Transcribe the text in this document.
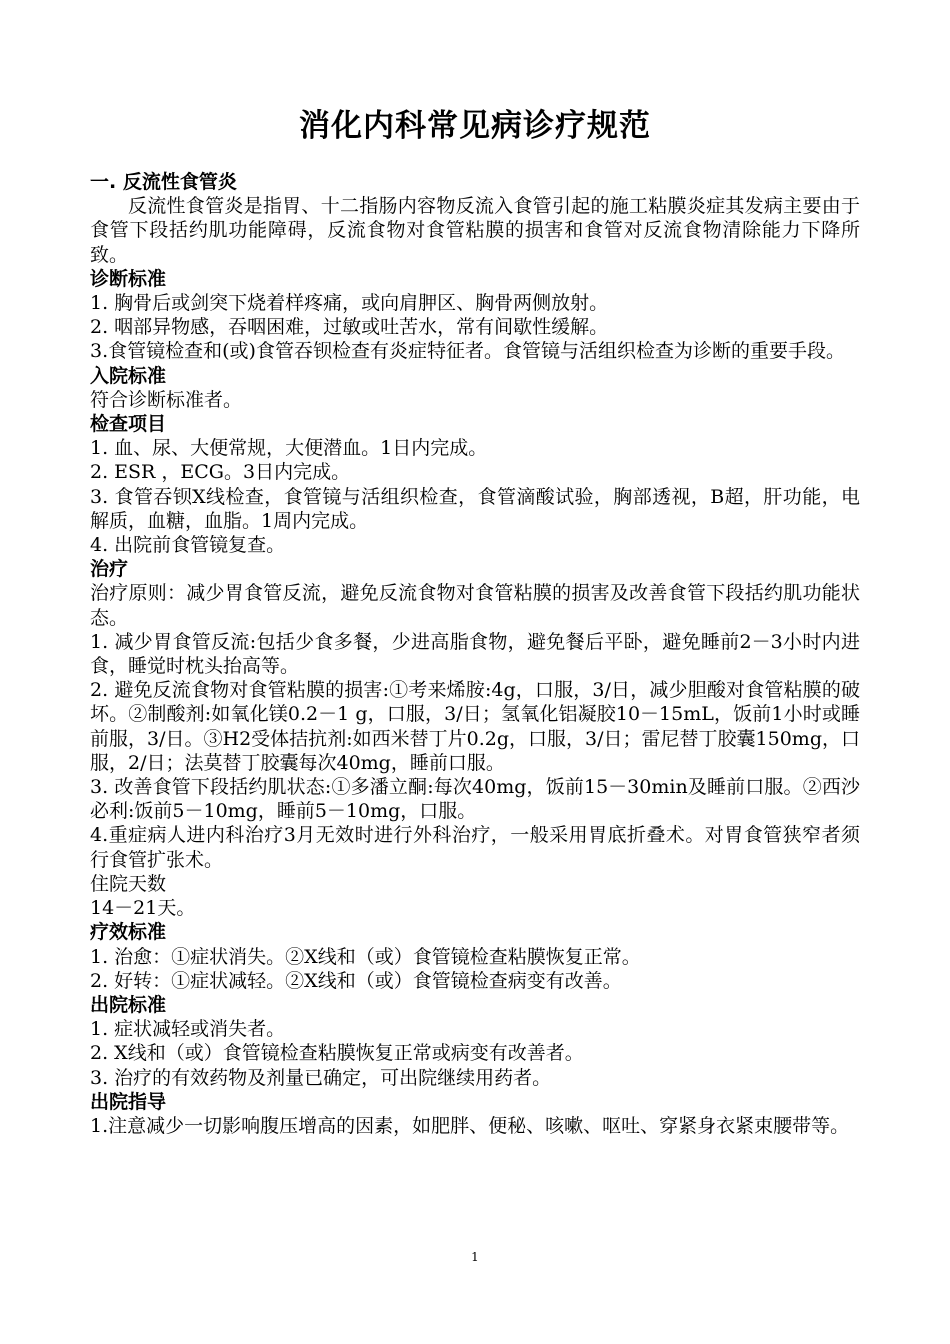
消化内科常见病诊疗规范

一. 反流性食管炎

反流性食管炎是指胃、十二指肠内容物反流入食管引起的施工粘膜炎症其发病主要由于食管下段括约肌功能障碍，反流食物对食管粘膜的损害和食管对反流食物清除能力下降所致。

诊断标准

1. 胸骨后或剑突下烧着样疼痛，或向肩胛区、胸骨两侧放射。

2. 咽部异物感，吞咽困难，过敏或吐苦水，常有间歇性缓解。

3.食管镜检查和(或)食管吞钡检查有炎症特征者。食管镜与活组织检查为诊断的重要手段。

入院标准

符合诊断标准者。

检查项目

1. 血、尿、大便常规，大便潜血。1日内完成。

2. ESR ，ECG。3日内完成。

3. 食管吞钡X线检查，食管镜与活组织检查，食管滴酸试验，胸部透视，B超，肝功能，电解质，血糖，血脂。1周内完成。

4. 出院前食管镜复查。

治疗

治疗原则：减少胃食管反流，避免反流食物对食管粘膜的损害及改善食管下段括约肌功能状态。

1. 减少胃食管反流:包括少食多餐，少进高脂食物，避免餐后平卧，避免睡前2－3小时内进食，睡觉时枕头抬高等。

2. 避免反流食物对食管粘膜的损害:①考来烯胺:4g，口服，3/日，减少胆酸对食管粘膜的破坏。②制酸剂:如氧化镁0.2－1 g，口服，3/日；氢氧化铝凝胶10－15mL，饭前1小时或睡前服，3/日。③H2受体拮抗剂:如西米替丁片0.2g，口服，3/日；雷尼替丁胶囊150mg，口服，2/日；法莫替丁胶囊每次40mg，睡前口服。

3. 改善食管下段括约肌状态:①多潘立酮:每次40mg，饭前15－30min及睡前口服。②西沙必利:饭前5－10mg，睡前5－10mg，口服。

4.重症病人进内科治疗3月无效时进行外科治疗，一般采用胃底折叠术。对胃食管狭窄者须行食管扩张术。

住院天数

14－21天。

疗效标准

1. 治愈：①症状消失。②X线和（或）食管镜检查粘膜恢复正常。

2. 好转：①症状减轻。②X线和（或）食管镜检查病变有改善。

出院标准

1. 症状减轻或消失者。

2. X线和（或）食管镜检查粘膜恢复正常或病变有改善者。

3. 治疗的有效药物及剂量已确定，可出院继续用药者。

出院指导

1.注意减少一切影响腹压增高的因素，如肥胖、便秘、咳嗽、呕吐、穿紧身衣紧束腰带等。

1
